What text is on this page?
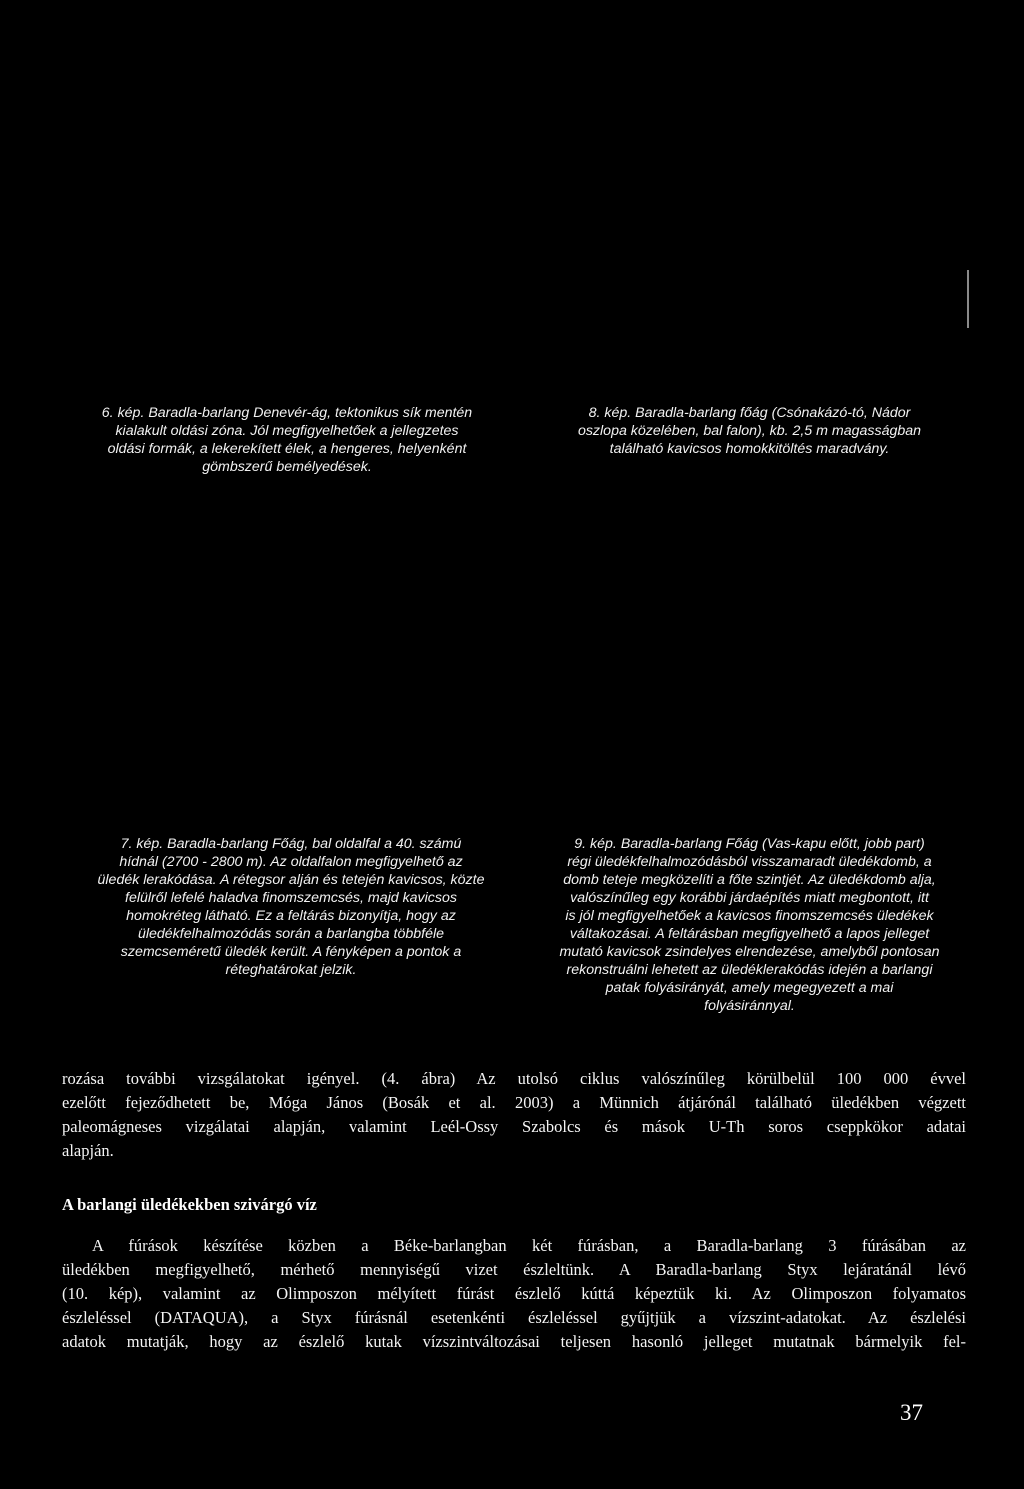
6. kép. Baradla-barlang Denevér-ág, tektonikus sík mentén
kialakult oldási zóna. Jól megfigyelhetőek a jellegzetes
oldási formák, a lekerekített élek, a hengeres, helyenként
gömbszerű bemélyedések.
8. kép. Baradla-barlang főág (Csónakázó-tó, Nádor
oszlopa közelében, bal falon), kb. 2,5 m magasságban
található kavicsos homokkitöltés maradvány.
7. kép. Baradla-barlang Főág, bal oldalfal a 40. számú
hídnál (2700 - 2800 m). Az oldalfalon megfigyelhető az
üledék lerakódása. A rétegsor alján és tetején kavicsos, közte
felülről lefelé haladva finomszemcsés, majd kavicsos
homokréteg látható. Ez a feltárás bizonyítja, hogy az
üledékfelhalmozódás során a barlangba többféle
szemcseméretű üledék került. A fényképen a pontok a
réteghatárokat jelzik.
9. kép. Baradla-barlang Főág (Vas-kapu előtt, jobb part)
régi üledékfelhalmozódásból visszamaradt üledékdomb, a
domb teteje megközelíti a főte szintjét. Az üledékdomb alja,
valószínűleg egy korábbi járdaépítés miatt megbontott, itt
is jól megfigyelhetőek a kavicsos finomszemcsés üledékek
váltakozásai. A feltárásban megfigyelhető a lapos jelleget
mutató kavicsok zsindelyes elrendezése, amelyből pontosan
rekonstruálni lehetett az üledéklerakódás idején a barlangi
patak folyásirányát, amely megegyezett a mai
folyásiránnyal.
rozása további vizsgálatokat igényel. (4. ábra) Az utolsó ciklus valószínűleg körülbelül 100 000 évvel
ezelőtt fejeződhetett be, Móga János (Bosák et al. 2003) a Münnich átjárónál található üledékben végzett
paleomágneses vizgálatai alapján, valamint Leél-Ossy Szabolcs és mások U-Th soros cseppkökor adatai
alapján.
A barlangi üledékekben szivárgó víz
A fúrások készítése közben a Béke-barlangban két fúrásban, a Baradla-barlang 3 fúrásában az
üledékben megfigyelhető, mérhető mennyiségű vizet észleltünk. A Baradla-barlang Styx lejáratánál lévő
(10. kép), valamint az Olimposzon mélyített fúrást észlelő kúttá képeztük ki. Az Olimposzon folyamatos
észleléssel (DATAQUA), a Styx fúrásnál esetenkénti észleléssel gyűjtjük a vízszint-adatokat. Az észlelési
adatok mutatják, hogy az észlelő kutak vízszintváltozásai teljesen hasonló jelleget mutatnak bármelyik fel-
37
